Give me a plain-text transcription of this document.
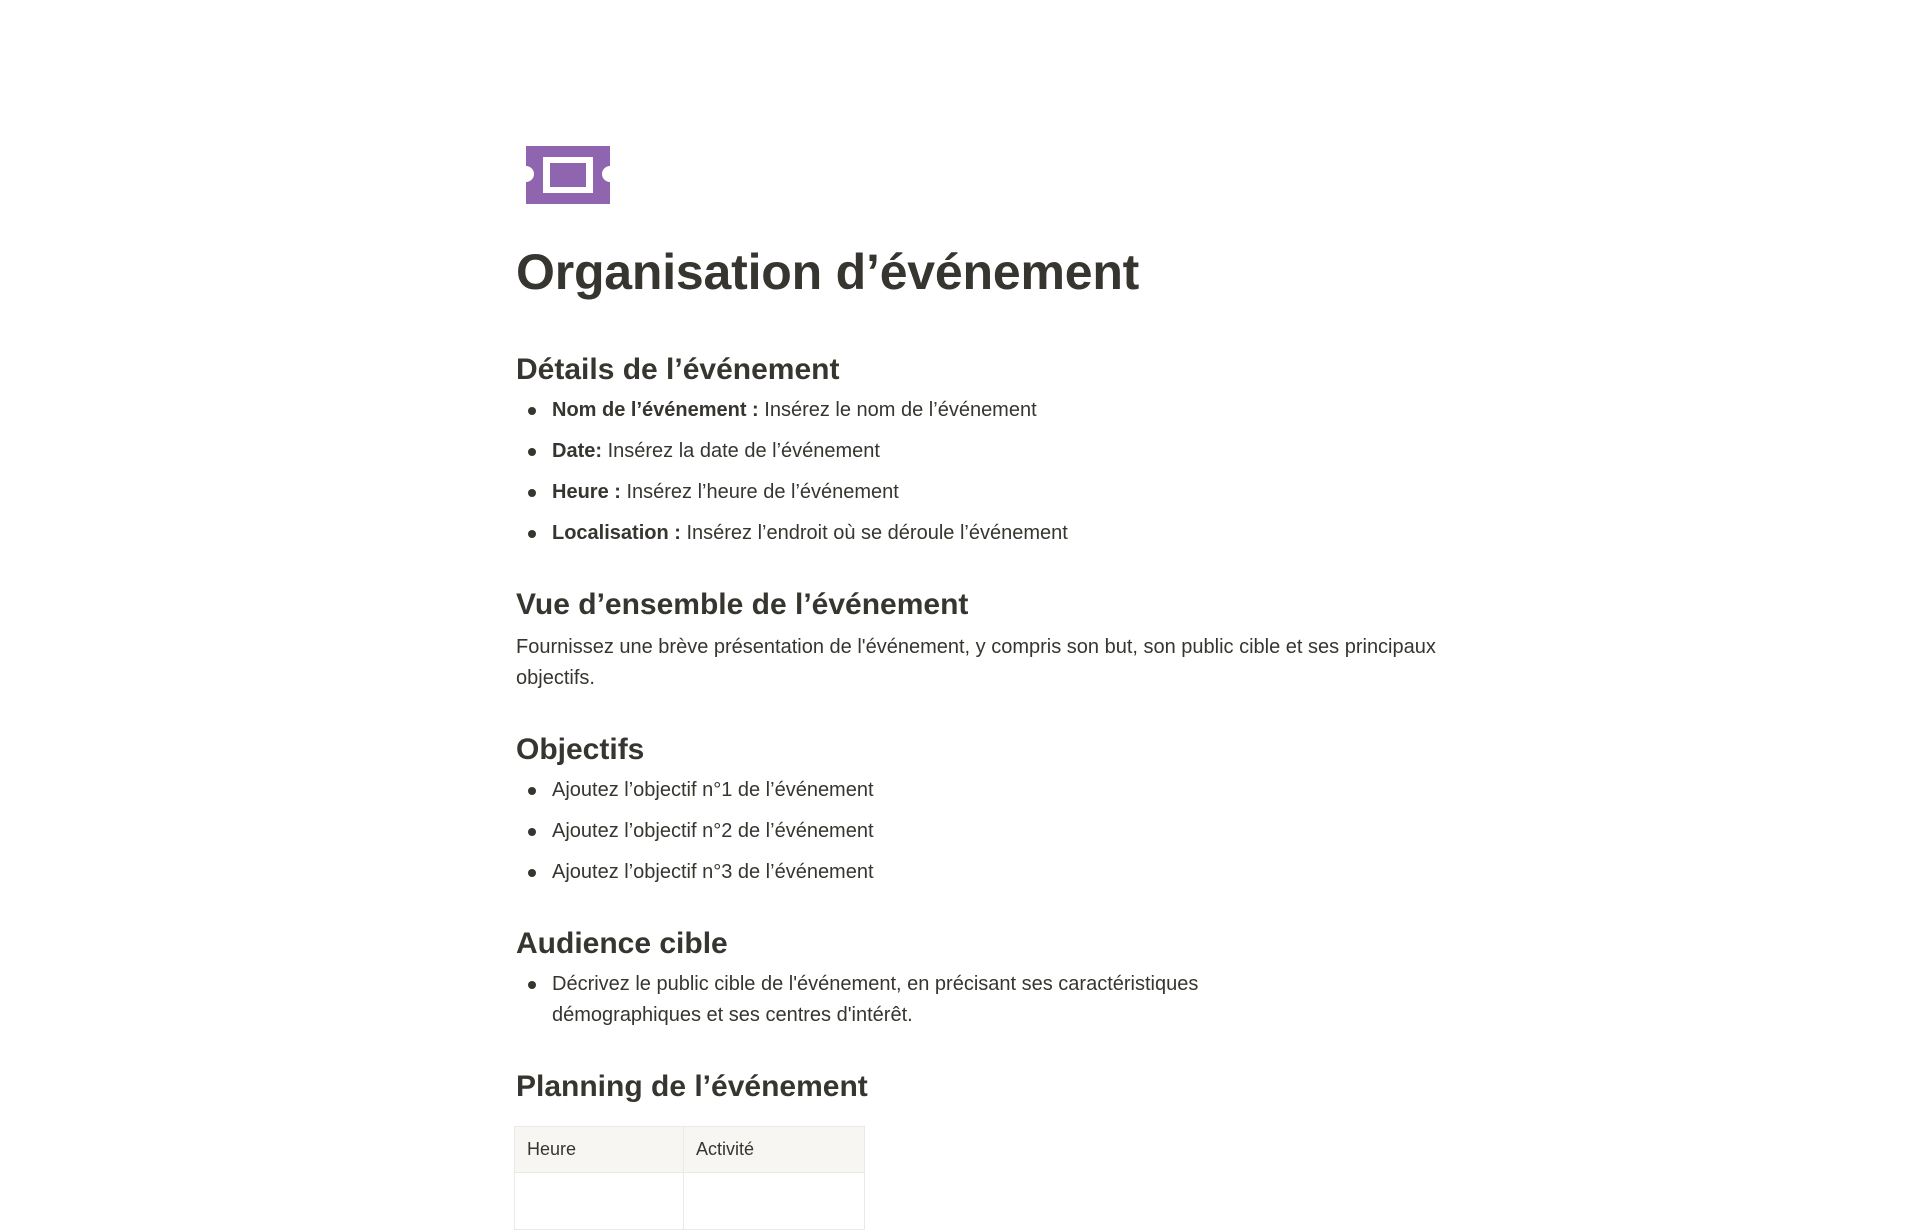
Organisation d’événement
Détails de l’événement
Nom de l’événement : Insérez le nom de l’événement
Date: Insérez la date de l’événement
Heure : Insérez l’heure de l’événement
Localisation : Insérez l’endroit où se déroule l’événement
Vue d’ensemble de l’événement

Fournissez une brève présentation de l'événement, y compris son but, son public cible et ses principaux objectifs.

Objectifs
Ajoutez l’objectif n°1 de l’événement
Ajoutez l’objectif n°2 de l’événement
Ajoutez l’objectif n°3 de l’événement
Audience cible
Décrivez le public cible de l'événement, en précisant ses caractéristiques démographiques et ses centres d'intérêt.
Planning de l’événement
Heure	Activité
